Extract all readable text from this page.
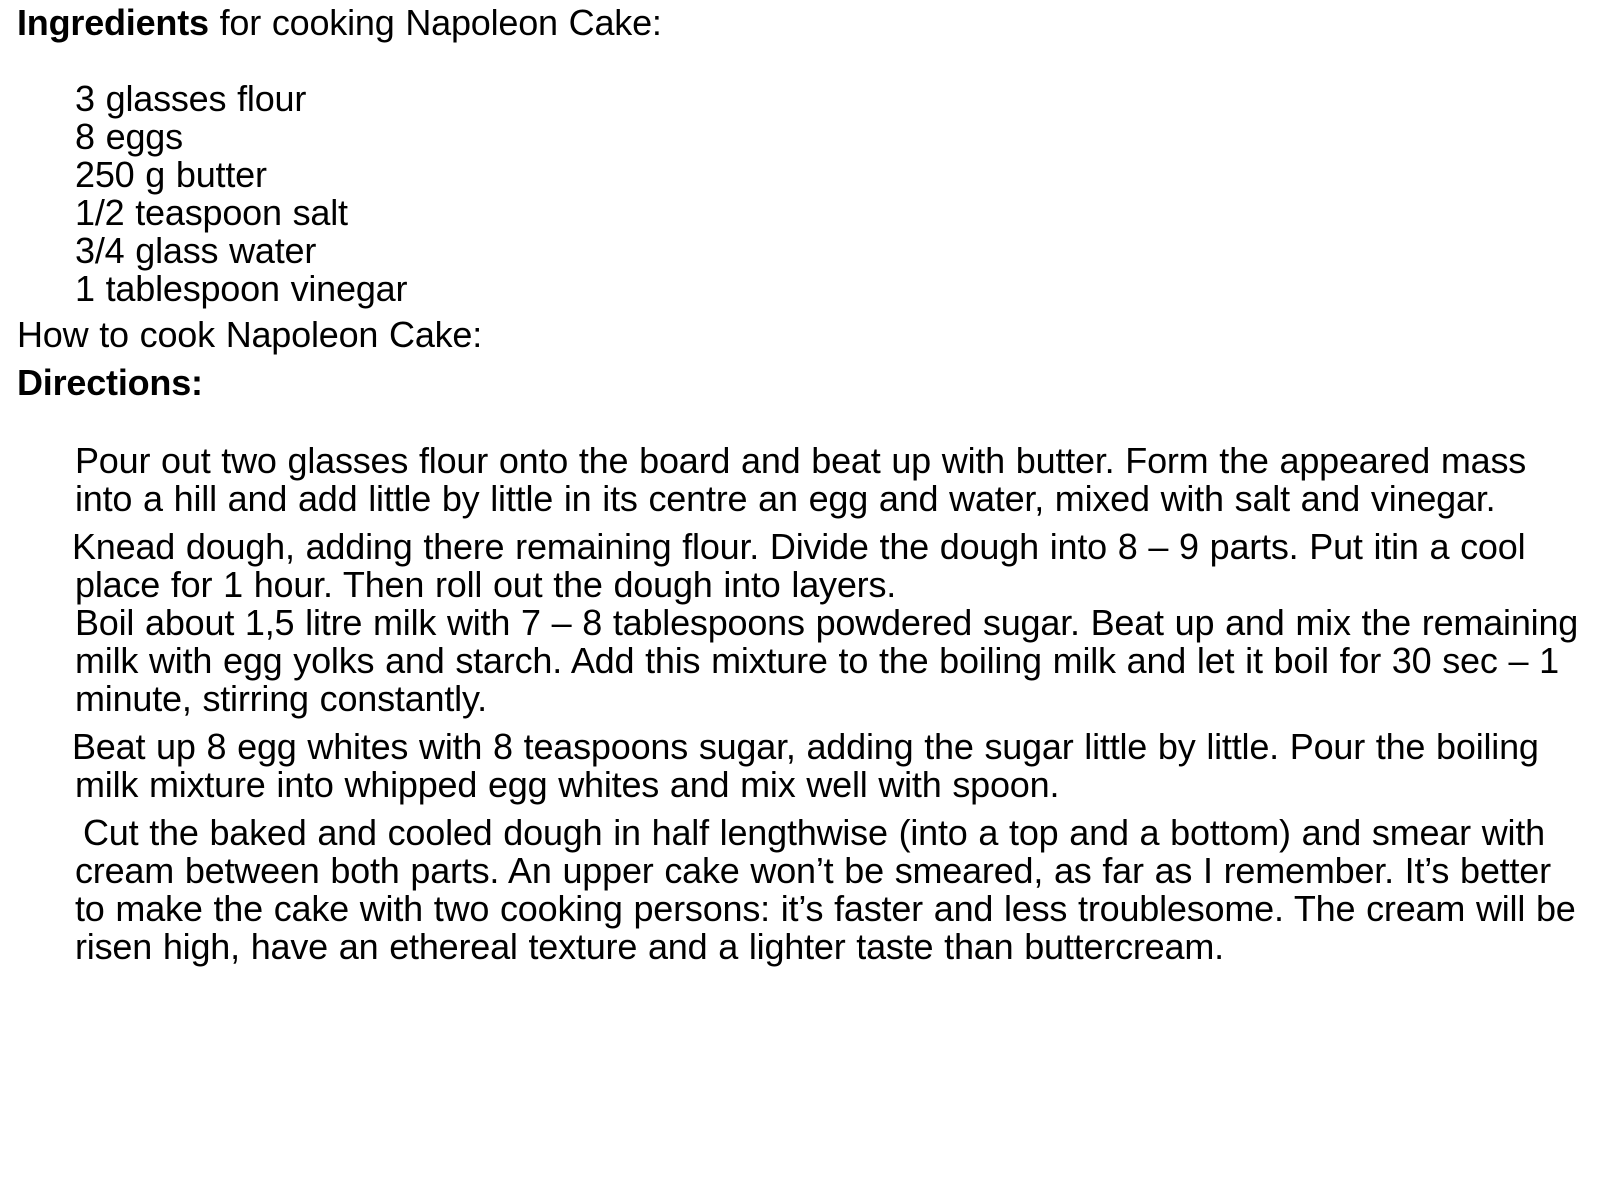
Ingredients for cooking Napoleon Cake:
3 glasses flour
8 eggs
250 g butter
1/2 teaspoon salt
3/4 glass water
1 tablespoon vinegar
How to cook Napoleon Cake:
Directions:

Pour out two glasses flour onto the board and beat up with butter. Form the appeared mass into a hill and add little by little in its centre an egg and water, mixed with salt and vinegar.

Knead dough, adding there remaining flour. Divide the dough into 8 – 9 parts. Put itin a cool place for 1 hour. Then roll out the dough into layers.

Boil about 1,5 litre milk with 7 – 8 tablespoons powdered sugar. Beat up and mix the remaining milk with egg yolks and starch. Add this mixture to the boiling milk and let it boil for 30 sec – 1 minute, stirring constantly.

Beat up 8 egg whites with 8 teaspoons sugar, adding the sugar little by little. Pour the boiling milk mixture into whipped egg whites and mix well with spoon.

Cut the baked and cooled dough in half lengthwise (into a top and a bottom) and smear with cream between both parts. An upper cake won’t be smeared, as far as I remember. It’s better to make the cake with two cooking persons: it’s faster and less troublesome. The cream will be risen high, have an ethereal texture and a lighter taste than buttercream.
